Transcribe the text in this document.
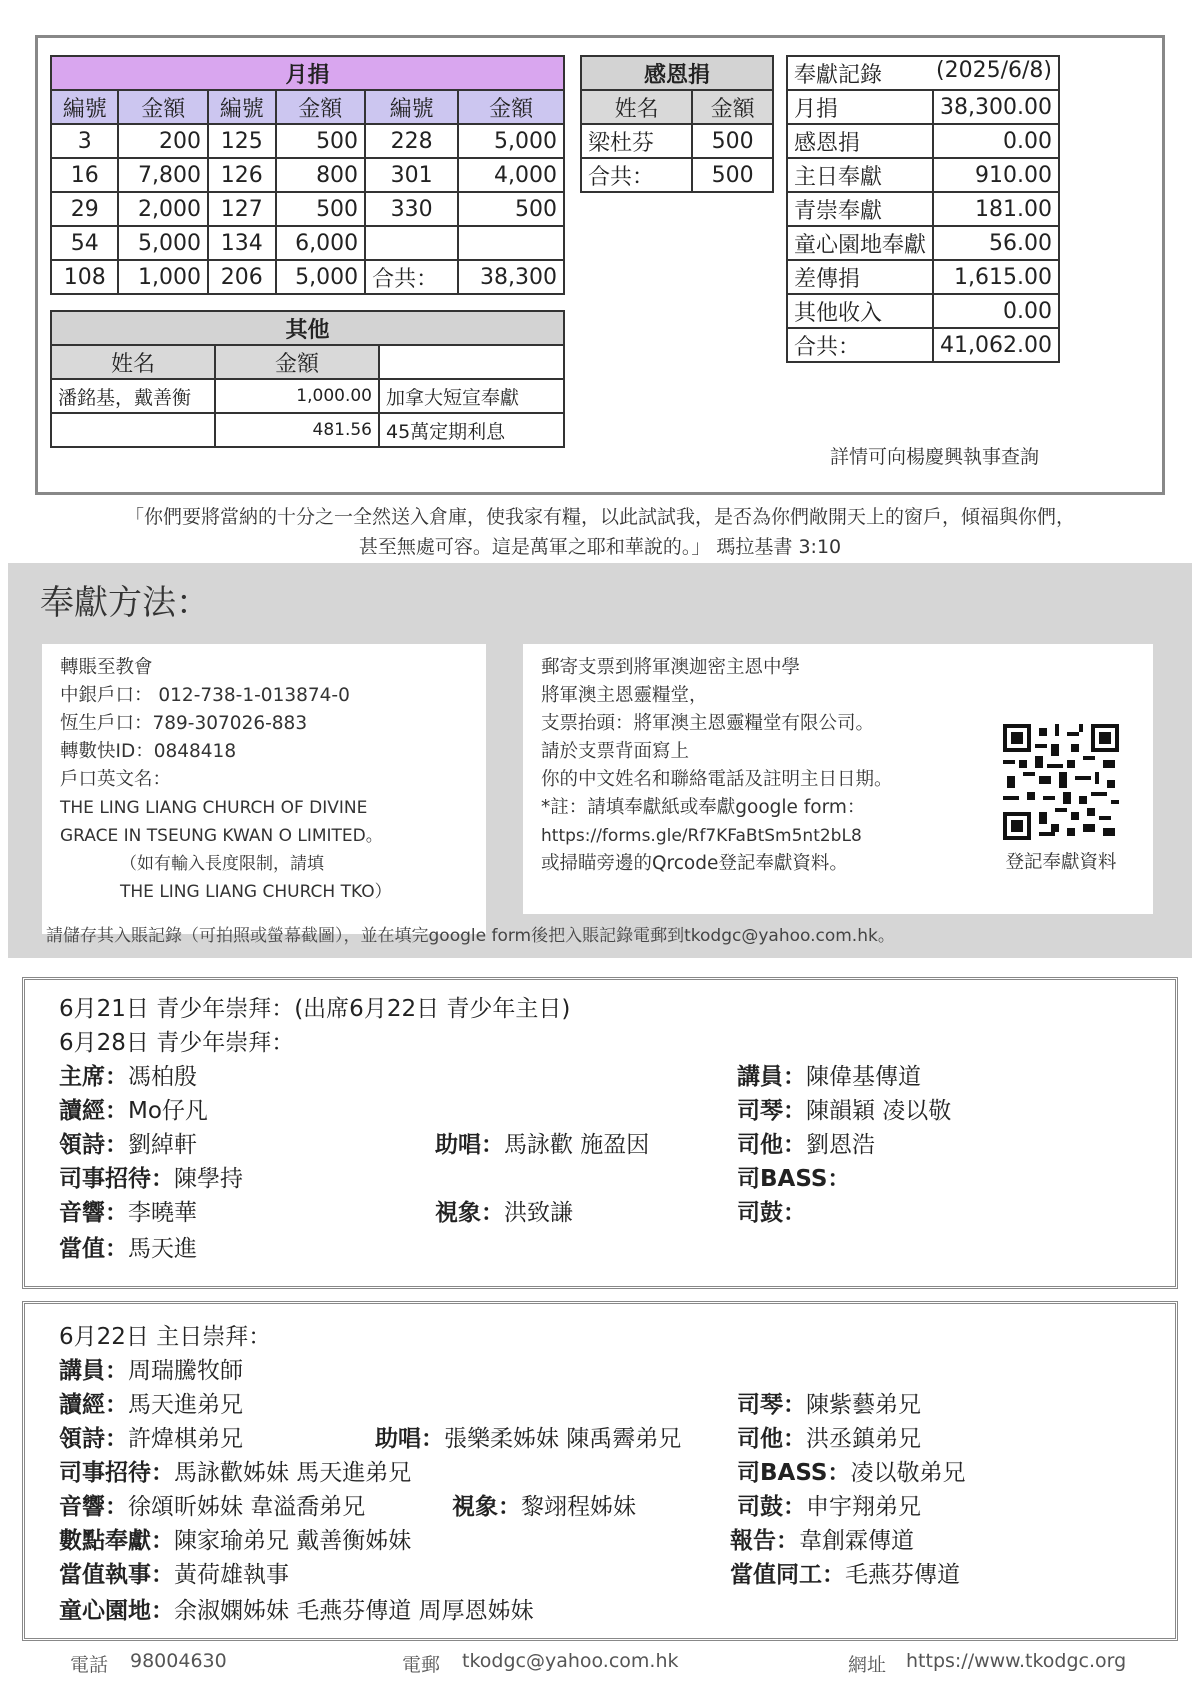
月捐					
編號	金額	編號	金額	編號	金額
3	200	125	500	228	5,000
16	7,800	126	800	301	4,000
29	2,000	127	500	330	500
54	5,000	134	6,000		
108	1,000	206	5,000	合共：	38,300
感恩捐	
姓名	金額
梁杜芬	500
合共：	500
奉獻記錄 (2025/6/8)	

月捐	38,300.00
感恩捐	0.00
主日奉獻	910.00
青崇奉獻	181.00
童心園地奉獻	56.00
差傳捐	1,615.00
其他收入	0.00
合共：	41,062.00
其他		
姓名	金額	
潘銘基，戴善衡	1,000.00	加拿大短宣奉獻
	481.56	45萬定期利息
詳情可向楊慶興執事查詢
「你們要將當納的十分之一全然送入倉庫，使我家有糧，以此試試我，是否為你們敞開天上的窗戶，傾福與你們，
甚至無處可容。這是萬軍之耶和華說的。」 瑪拉基書 3:10
奉獻方法：
轉賬至教會
中銀戶口： 012-738-1-013874-0
恆生戶口：789-307026-883
轉數快ID：0848418
戶口英文名：
THE LING LIANG CHURCH OF DIVINE
GRACE IN TSEUNG KWAN O LIMITED。
（如有輸入長度限制，請填
THE LING LIANG CHURCH TKO）
郵寄支票到將軍澳迦密主恩中學
將軍澳主恩靈糧堂，
支票抬頭：將軍澳主恩靈糧堂有限公司。
請於支票背面寫上
你的中文姓名和聯絡電話及註明主日日期。
*註：請填奉獻紙或奉獻google form：
https://forms.gle/Rf7KFaBtSm5nt2bL8
或掃瞄旁邊的Qrcode登記奉獻資料。	登記奉獻資料
請儲存其入賬記錄（可拍照或螢幕截圖），並在填完google form後把入賬記錄電郵到tkodgc@yahoo.com.hk。
6月21日 青少年崇拜：(出席6月22日 青少年主日)
6月28日 青少年崇拜：
主席：馮柏殷	講員：陳偉基傳道
讀經：Mo仔凡	司琴：陳韻穎 凌以敬
領詩：劉綽軒	助唱：馬詠歡 施盈因	司他：劉恩浩
司事招待：陳學持	司BASS：
音響：李曉華	視象：洪致謙	司鼓：
當值：馬天進
6月22日 主日崇拜：
講員：周瑞騰牧師
讀經：馬天進弟兄	司琴：陳紫藝弟兄
領詩：許煒棋弟兄	助唱：張樂柔姊妹 陳禹霽弟兄 司他：洪丞鎮弟兄
司事招待：馬詠歡姊妹 馬天進弟兄	司BASS：凌以敬弟兄
音響：徐頌昕姊妹 韋溢喬弟兄	視象：黎翊程姊妹	司鼓：申宇翔弟兄
數點奉獻：陳家瑜弟兄 戴善衡姊妹	報告：韋創霖傳道
當值執事：黃荷雄執事	當值同工：毛燕芬傳道
童心園地：余淑嫻姊妹 毛燕芬傳道 周厚恩姊妹
電話 98004630	電郵 tkodgc@yahoo.com.hk	網址 https://www.tkodgc.org
